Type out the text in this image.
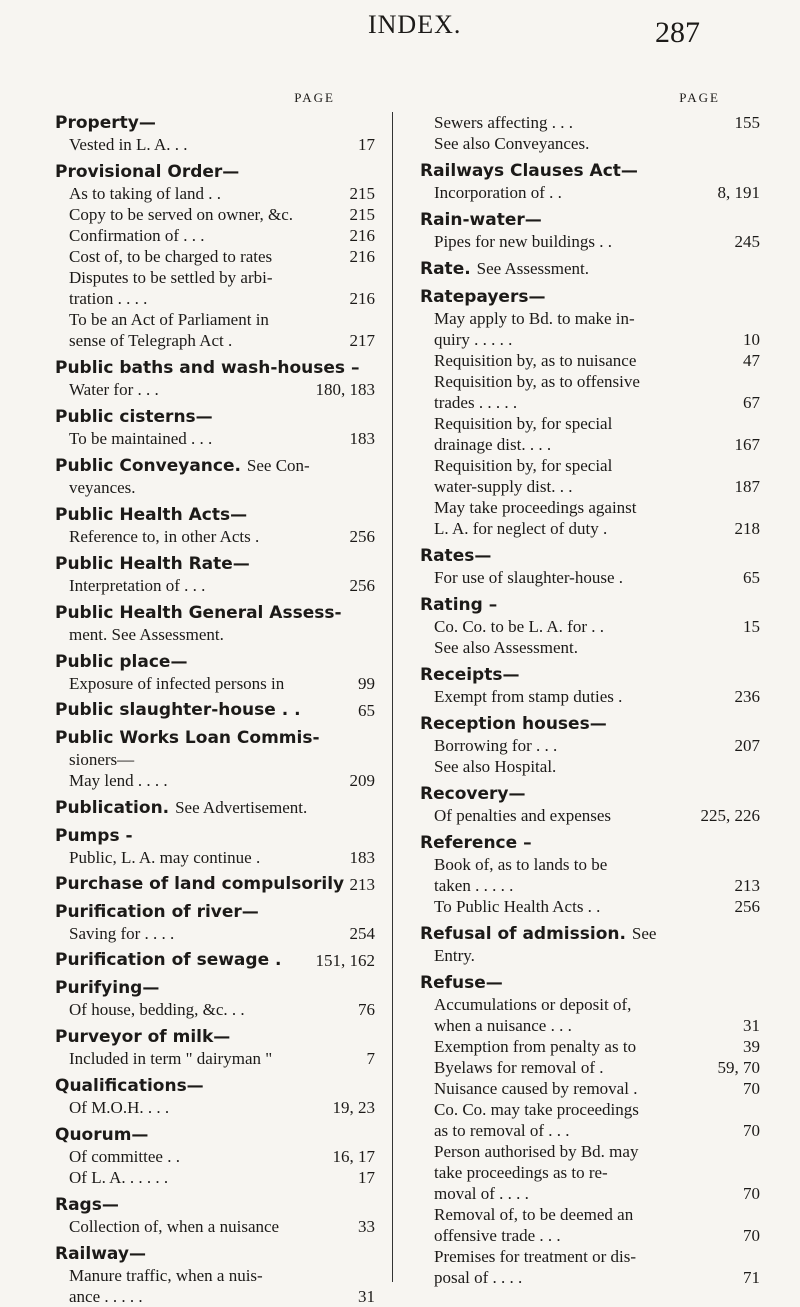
INDEX.	287
PAGE
Property—
Vested in L. A. . .	17
Provisional Order—
As to taking of land . .	215
Copy to be served on owner, &c.	215
Confirmation of . . .	216
Cost of, to be charged to rates	216
Disputes to be settled by arbi-
tration . . . .	216
To be an Act of Parliament in
sense of Telegraph Act .	217
Public baths and wash-houses –
Water for . . .	180, 183
Public cisterns—
To be maintained . . .	183
Public Conveyance. See Con-
veyances.
Public Health Acts—
Reference to, in other Acts .	256
Public Health Rate—
Interpretation of . . .	256
Public Health General Assess-
ment. See Assessment.
Public place—
Exposure of infected persons in	99
Public slaughter-house . .	65
Public Works Loan Commis-
sioners—
May lend . . . .	209
Publication. See Advertisement.
Pumps -
Public, L. A. may continue .	183
Purchase of land compulsorily 213
Purification of river—
Saving for . . . .	254
Purification of sewage . 151, 162
Purifying—
Of house, bedding, &c. . .	76
Purveyor of milk—
Included in term " dairyman "	7
Qualifications—
Of M.O.H. . . .	19, 23
Quorum—
Of committee . .	16, 17
Of L. A. . . . . .	17
Rags—
Collection of, when a nuisance	33
Railway—
Manure traffic, when a nuis-
ance . . . . .	31
PAGE
Sewers affecting . . .	155
See also Conveyances.
Railways Clauses Act—
Incorporation of . .	8, 191
Rain-water—
Pipes for new buildings . .	245
Rate. See Assessment.
Ratepayers—
May apply to Bd. to make in-
quiry . . . . .	10
Requisition by, as to nuisance	47
Requisition by, as to offensive
trades . . . . .	67
Requisition by, for special
drainage dist. . . .	167
Requisition by, for special
water-supply dist. . .	187
May take proceedings against
L. A. for neglect of duty .	218
Rates—
For use of slaughter-house .	65
Rating –
Co. Co. to be L. A. for . .	15
See also Assessment.
Receipts—
Exempt from stamp duties .	236
Reception houses—
Borrowing for . . .	207
See also Hospital.
Recovery—
Of penalties and expenses	225, 226
Reference –
Book of, as to lands to be
taken . . . . .	213
To Public Health Acts . .	256
Refusal of admission. See
Entry.
Refuse—
Accumulations or deposit of,
when a nuisance . . .	31
Exemption from penalty as to	39
Byelaws for removal of .	59, 70
Nuisance caused by removal .	70
Co. Co. may take proceedings
as to removal of . . .	70
Person authorised by Bd. may
take proceedings as to re-
moval of . . . .	70
Removal of, to be deemed an
offensive trade . . .	70
Premises for treatment or dis-
posal of . . . .	71
